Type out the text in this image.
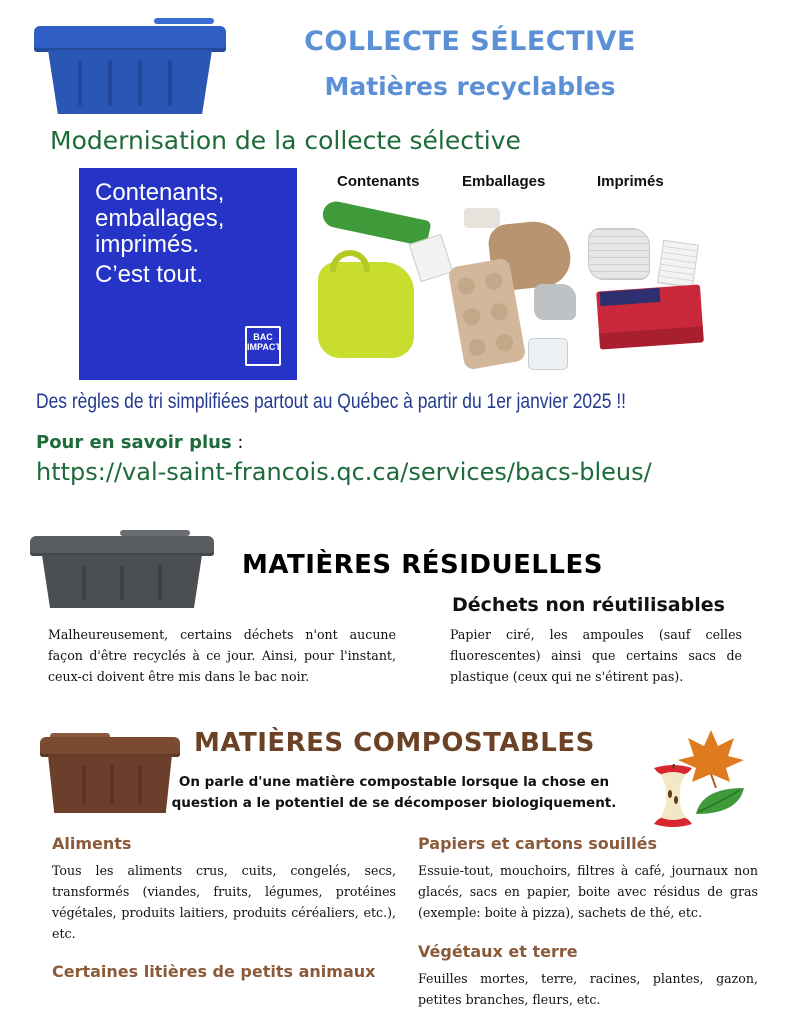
COLLECTE SÉLECTIVE
Matières recyclables
Modernisation de la collecte sélective

Contenants,

emballages,

imprimés.

C’est tout.

BAC IMPACT
Contenants	Emballages	Imprimés
Des règles de tri simplifiées partout au Québec à partir du 1er janvier 2025 !!
Pour en savoir plus :
https://val-saint-francois.qc.ca/services/bacs-bleus/
MATIÈRES RÉSIDUELLES
Déchets non réutilisables
Malheureusement, certains déchets n'ont aucune façon d'être recyclés à ce jour. Ainsi, pour l'instant, ceux-ci doivent être mis dans le bac noir.
Papier ciré, les ampoules (sauf celles fluorescentes) ainsi que certains sacs de plastique (ceux qui ne s'étirent pas).
MATIÈRES COMPOSTABLES
On parle d'une matière compostable lorsque la chose en question a le potentiel de se décomposer biologiquement.
Aliments
Tous les aliments crus, cuits, congelés, secs, transformés (viandes, fruits, légumes, protéines végétales, produits laitiers, produits céréaliers, etc.), etc.
Certaines litières de petits animaux
Papiers et cartons souillés
Essuie-tout, mouchoirs, filtres à café, journaux non glacés, sacs en papier, boite avec résidus de gras (exemple: boite à pizza), sachets de thé, etc.
Végétaux et terre
Feuilles mortes, terre, racines, plantes, gazon, petites branches, fleurs, etc.
